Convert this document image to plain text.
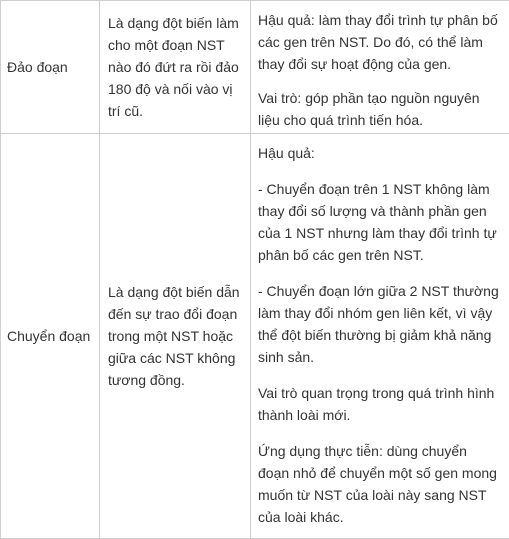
Đảo đoạn	Là dạng đột biến làm cho một đoạn NST nào đó đứt ra rồi đảo 180 độ và nối vào vị trí cũ.	Hậu quả: làm thay đổi trình tự phân bố các gen trên NST. Do đó, có thể làm thay đổi sự hoạt động của gen.

Vai trò: góp phần tạo nguồn nguyên liệu cho quá trình tiến hóa.

Chuyển đoạn	Là dạng đột biến dẫn đến sự trao đổi đoạn trong một NST hoặc giữa các NST không tương đồng.	Hậu quả:

- Chuyển đoạn trên 1 NST không làm thay đổi số lượng và thành phần gen của 1 NST nhưng làm thay đổi trình tự phân bố các gen trên NST.

- Chuyển đoạn lớn giữa 2 NST thường làm thay đổi nhóm gen liên kết, vì vậy thể đột biến thường bị giảm khả năng sinh sản.

Vai trò quan trọng trong quá trình hình thành loài mới.

Ứng dụng thực tiễn: dùng chuyển đoạn nhỏ để chuyển một số gen mong muốn từ NST của loài này sang NST của loài khác.
